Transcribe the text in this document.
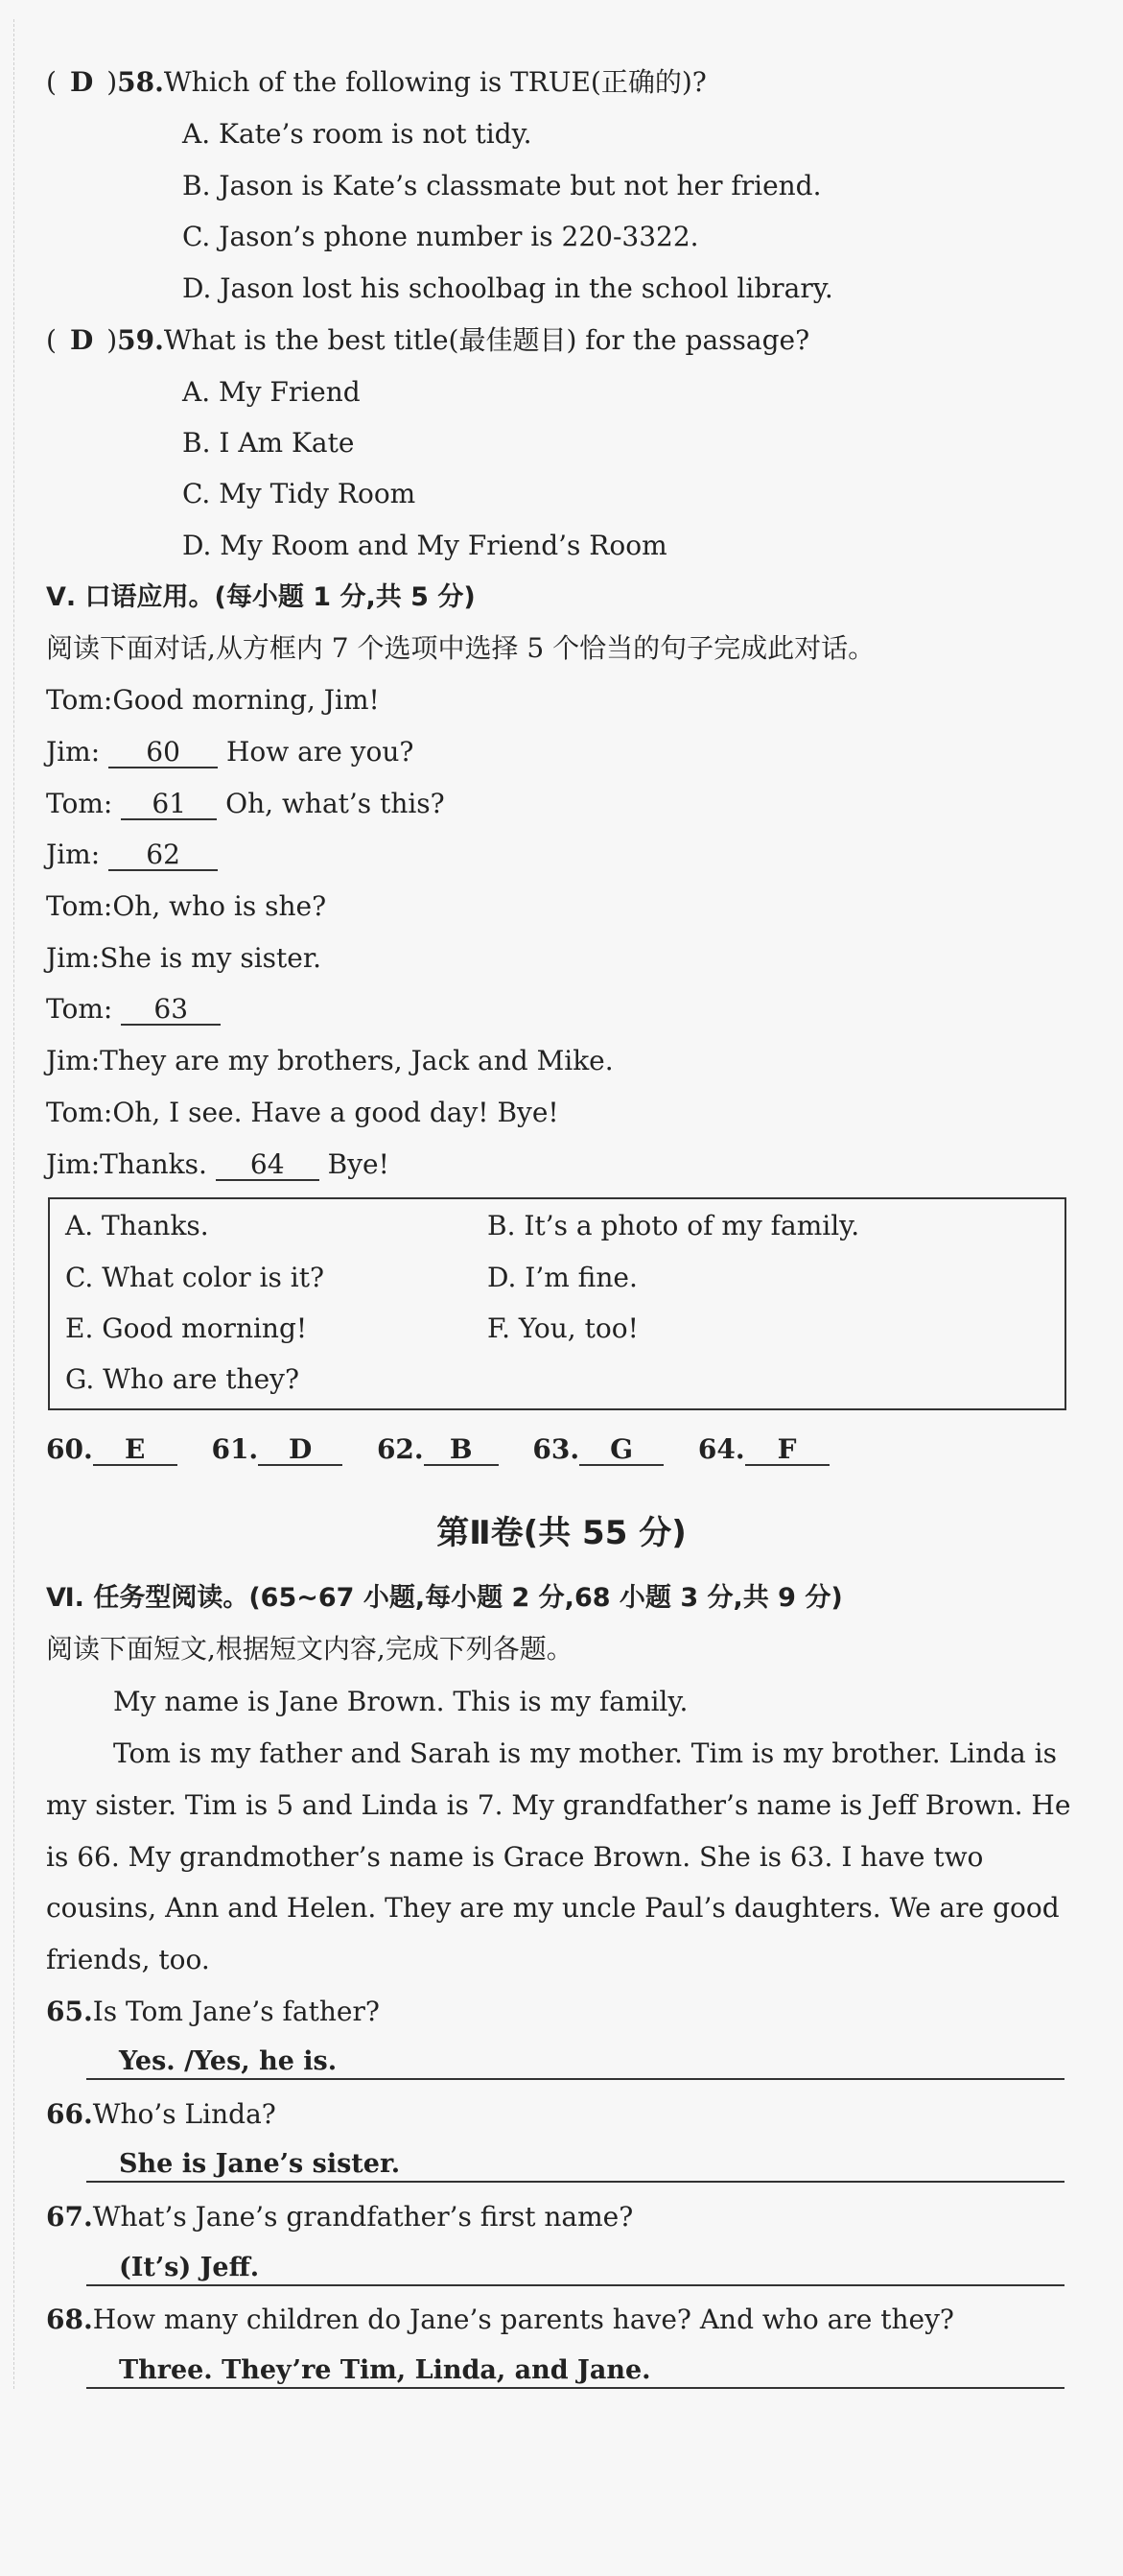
( D )58.Which of the following is TRUE(正确的)?
A. Kate’s room is not tidy.
B. Jason is Kate’s classmate but not her friend.
C. Jason’s phone number is 220-3322.
D. Jason lost his schoolbag in the school library.
( D )59.What is the best title(最佳题目) for the passage?
A. My Friend
B. I Am Kate
C. My Tidy Room
D. My Room and My Friend’s Room
Ⅴ. 口语应用。(每小题 1 分,共 5 分)
阅读下面对话,从方框内 7 个选项中选择 5 个恰当的句子完成此对话。
Tom:Good morning, Jim!
Jim: 60 How are you?
Tom: 61 Oh, what’s this?
Jim: 62
Tom:Oh, who is she?
Jim:She is my sister.
Tom: 63
Jim:They are my brothers, Jack and Mike.
Tom:Oh, I see. Have a good day! Bye!
Jim:Thanks. 64 Bye!
A. Thanks.	B. It’s a photo of my family.
C. What color is it?	D. I’m fine.
E. Good morning!	F. You, too!
G. Who are they?
60. E 61. D 62. B 63. G 64. F
第Ⅱ卷(共 55 分)
Ⅵ. 任务型阅读。(65~67 小题,每小题 2 分,68 小题 3 分,共 9 分)
阅读下面短文,根据短文内容,完成下列各题。
My name is Jane Brown. This is my family.
Tom is my father and Sarah is my mother. Tim is my brother. Linda is
my sister. Tim is 5 and Linda is 7. My grandfather’s name is Jeff Brown. He
is 66. My grandmother’s name is Grace Brown. She is 63. I have two
cousins, Ann and Helen. They are my uncle Paul’s daughters. We are good
friends, too.
65.Is Tom Jane’s father?
Yes. /Yes, he is.
66.Who’s Linda?
She is Jane’s sister.
67.What’s Jane’s grandfather’s first name?
(It’s) Jeff.
68.How many children do Jane’s parents have? And who are they?
Three. They’re Tim, Linda, and Jane.
